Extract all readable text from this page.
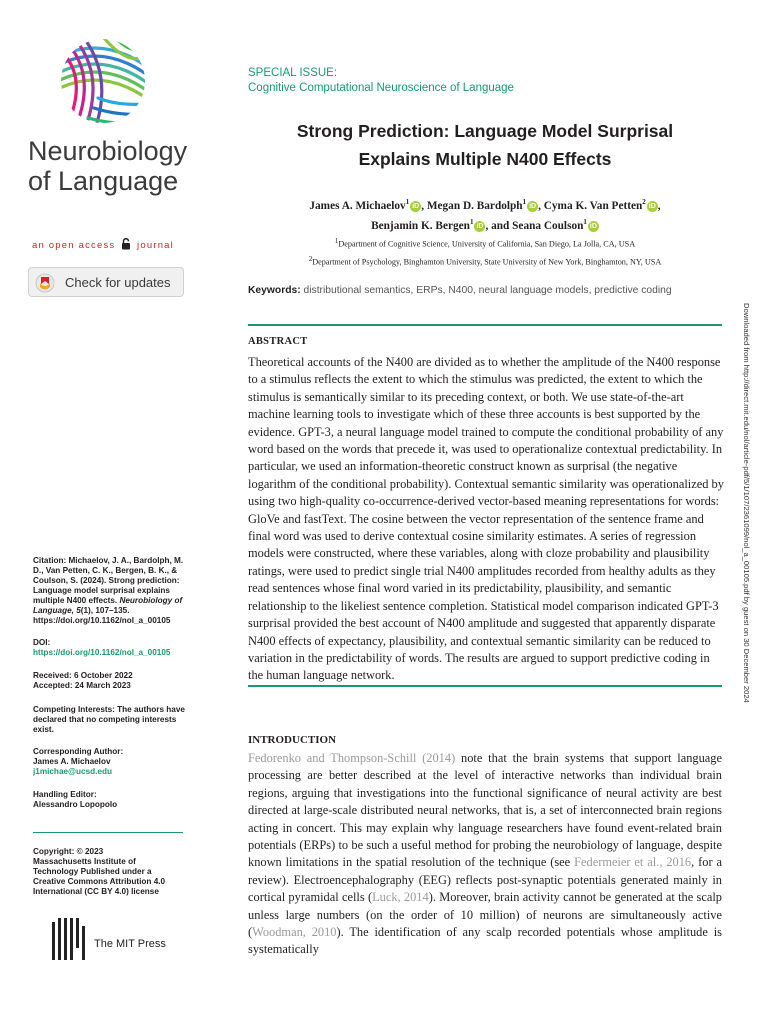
Neurobiology
of Language
an open access journal
Check for updates
SPECIAL ISSUE:
Cognitive Computational Neuroscience of Language
Strong Prediction: Language Model Surprisal
Explains Multiple N400 Effects
James A. Michaelov$^1$iD , Megan D. Bardolph$^1$iD , Cyma K. Van Petten$^2$iD ,
Benjamin K. Bergen$^1$iD , and Seana Coulson$^1$iD
$^1$Department of Cognitive Science, University of California, San Diego, La Jolla, CA, USA
$^2$Department of Psychology, Binghamton University, State University of New York, Binghamton, NY, USA
Keywords: distributional semantics, ERPs, N400, neural language models, predictive coding
ABSTRACT
Theoretical accounts of the N400 are divided as to whether the amplitude of the N400 response to a stimulus reflects the extent to which the stimulus was predicted, the extent to which the stimulus is semantically similar to its preceding context, or both. We use state-of-the-art machine learning tools to investigate which of these three accounts is best supported by the evidence. GPT-3, a neural language model trained to compute the conditional probability of any word based on the words that precede it, was used to operationalize contextual predictability. In particular, we used an information-theoretic construct known as surprisal (the negative logarithm of the conditional probability). Contextual semantic similarity was operationalized by using two high-quality co-occurrence-derived vector-based meaning representations for words: GloVe and fastText. The cosine between the vector representation of the sentence frame and final word was used to derive contextual cosine similarity estimates. A series of regression models were constructed, where these variables, along with cloze probability and plausibility ratings, were used to predict single trial N400 amplitudes recorded from healthy adults as they read sentences whose final word varied in its predictability, plausibility, and semantic relationship to the likeliest sentence completion. Statistical model comparison indicated GPT-3 surprisal provided the best account of N400 amplitude and suggested that apparently disparate N400 effects of expectancy, plausibility, and contextual semantic similarity can be reduced to variation in the predictability of words. The results are argued to support predictive coding in the human language network.
INTRODUCTION
Fedorenko and Thompson-Schill (2014) note that the brain systems that support language processing are better described at the level of interactive networks than individual brain regions, arguing that investigations into the functional significance of neural activity are best directed at large-scale distributed neural networks, that is, a set of interconnected brain regions acting in concert. This may explain why language researchers have found event-related brain potentials (ERPs) to be such a useful method for probing the neurobiology of language, despite known limitations in the spatial resolution of the technique (see Federmeier et al., 2016, for a review). Electroencephalography (EEG) reflects post-synaptic potentials generated mainly in cortical pyramidal cells (Luck, 2014). Moreover, brain activity cannot be generated at the scalp unless large numbers (on the order of 10 million) of neurons are simultaneously active (Woodman, 2010). The identification of any scalp recorded potentials whose amplitude is systematically

Citation: Michaelov, J. A., Bardolph, M. D., Van Petten, C. K., Bergen, B. K., & Coulson, S. (2024). Strong prediction: Language model surprisal explains multiple N400 effects. Neurobiology of Language, 5(1), 107–135. https://doi.org/10.1162/nol_a_00105

DOI:

https://doi.org/10.1162/nol_a_00105

Received: 6 October 2022

Accepted: 24 March 2023

Competing Interests: The authors have declared that no competing interests exist.

Corresponding Author:

James A. Michaelov

j1michae@ucsd.edu

Handling Editor:

Alessandro Lopopolo

Copyright: © 2023

Massachusetts Institute of Technology Published under a Creative Commons Attribution 4.0 International (CC BY 4.0) license

The MIT Press
Downloaded from http://direct.mit.edu/nol/article-pdf/5/1/107/2361099/nol_a_00105.pdf by guest on 30 December 2024
